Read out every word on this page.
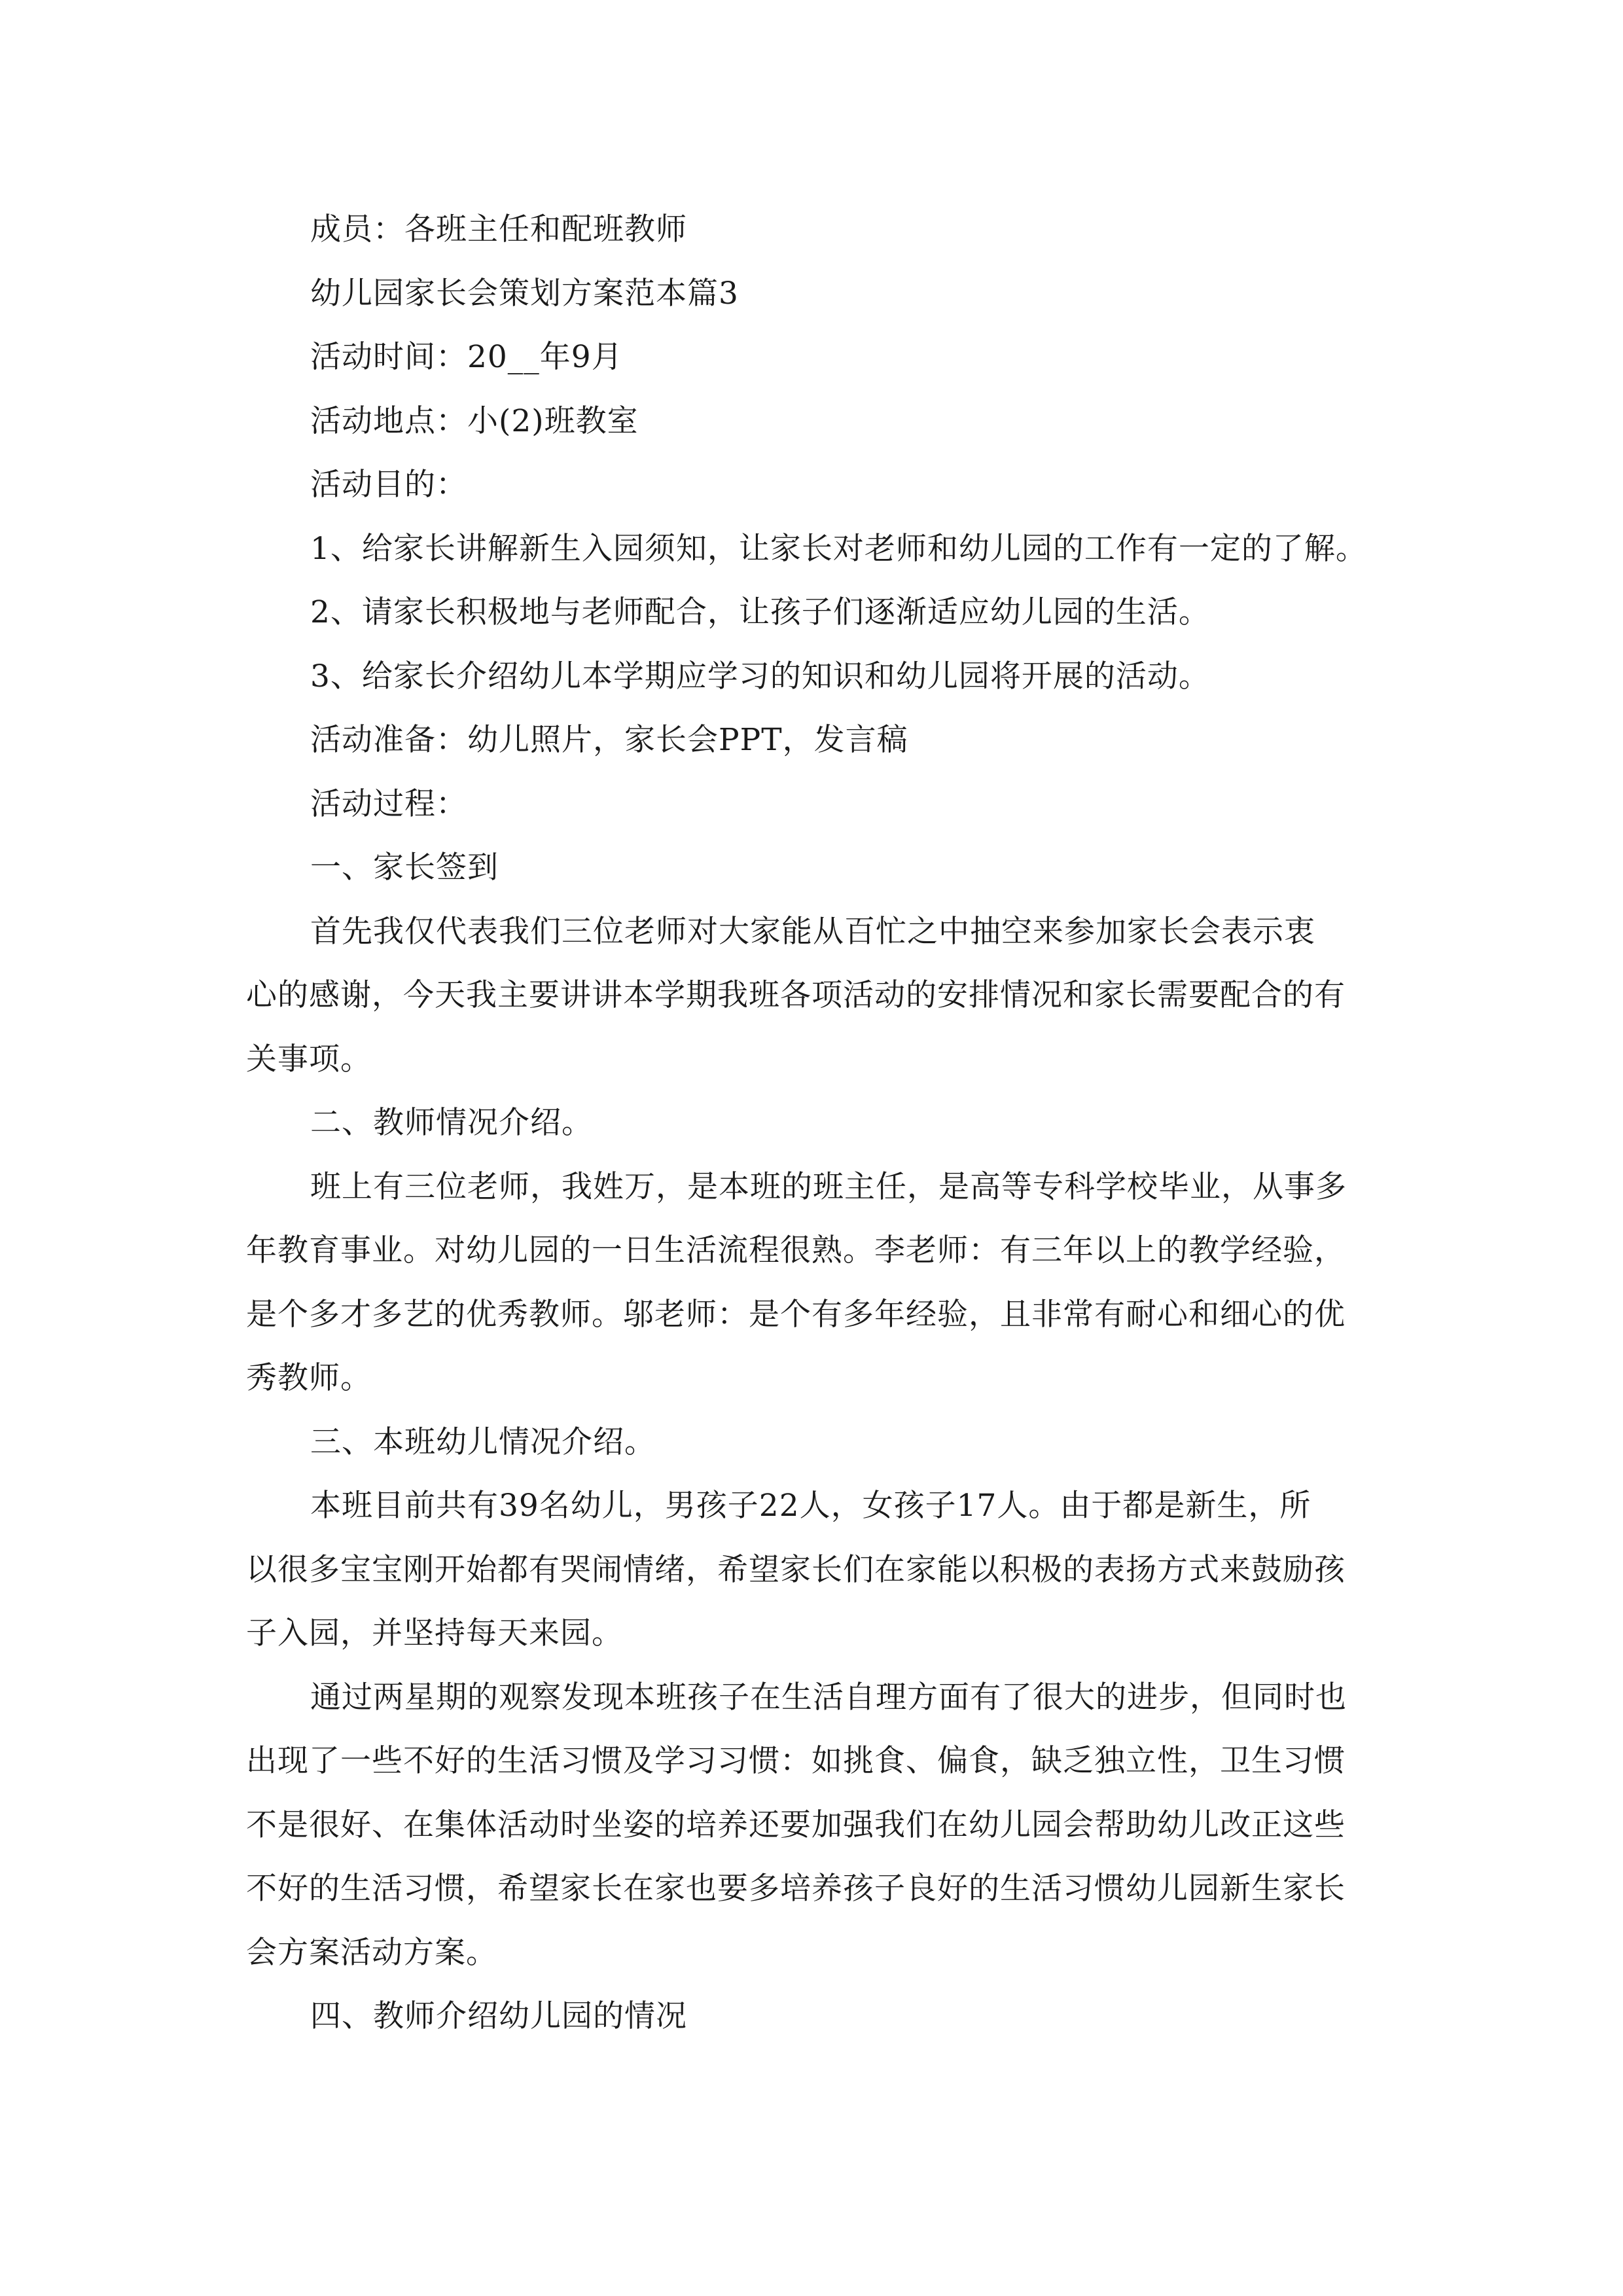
成员：各班主任和配班教师
幼儿园家长会策划方案范本篇3
活动时间：20__年9月
活动地点：小(2)班教室
活动目的：
1、给家长讲解新生入园须知，让家长对老师和幼儿园的工作有一定的了解。
2、请家长积极地与老师配合，让孩子们逐渐适应幼儿园的生活。
3、给家长介绍幼儿本学期应学习的知识和幼儿园将开展的活动。
活动准备：幼儿照片，家长会PPT，发言稿
活动过程：
一、家长签到
首先我仅代表我们三位老师对大家能从百忙之中抽空来参加家长会表示衷
心的感谢，今天我主要讲讲本学期我班各项活动的安排情况和家长需要配合的有
关事项。
二、教师情况介绍。
班上有三位老师，我姓万，是本班的班主任，是高等专科学校毕业，从事多
年教育事业。对幼儿园的一日生活流程很熟。李老师：有三年以上的教学经验，
是个多才多艺的优秀教师。邬老师：是个有多年经验，且非常有耐心和细心的优
秀教师。
三、本班幼儿情况介绍。
本班目前共有39名幼儿，男孩子22人，女孩子17人。由于都是新生，所
以很多宝宝刚开始都有哭闹情绪，希望家长们在家能以积极的表扬方式来鼓励孩
子入园，并坚持每天来园。
通过两星期的观察发现本班孩子在生活自理方面有了很大的进步，但同时也
出现了一些不好的生活习惯及学习习惯：如挑食、偏食，缺乏独立性，卫生习惯
不是很好、在集体活动时坐姿的培养还要加强我们在幼儿园会帮助幼儿改正这些
不好的生活习惯，希望家长在家也要多培养孩子良好的生活习惯幼儿园新生家长
会方案活动方案。
四、教师介绍幼儿园的情况
